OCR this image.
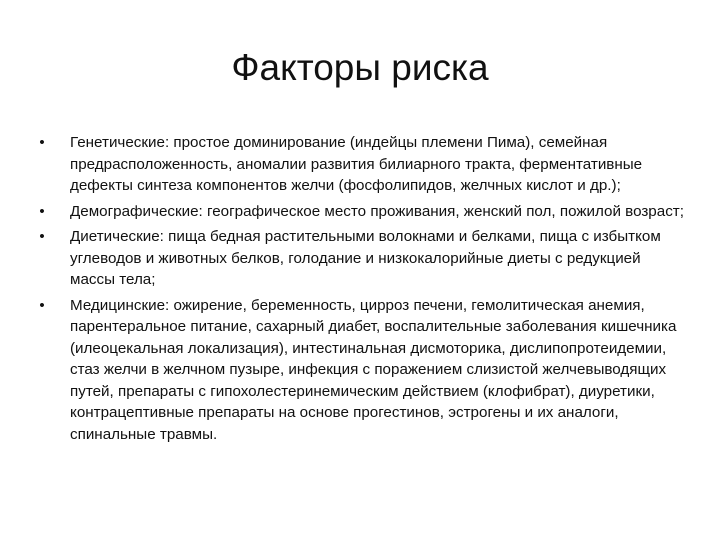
Факторы риска
• Генетические: простое доминирование (индейцы племени Пима), семейная предрасположенность, аномалии развития билиарного тракта, ферментативные дефекты синтеза компонентов желчи (фосфолипидов, желчных кислот и др.);
• Демографические: географическое место проживания, женский пол, пожилой возраст;
• Диетические: пища бедная растительными волокнами и белками, пища с избытком углеводов и животных белков, голодание и низкокалорийные диеты с редукцией массы тела;
• Медицинские: ожирение, беременность, цирроз печени, гемолитическая анемия, парентеральное питание, сахарный диабет, воспалительные заболевания кишечника (илеоцекальная локализация), интестинальная дисмоторика, дислипопротеидемии, стаз желчи в желчном пузыре, инфекция с поражением слизистой желчевыводящих путей, препараты с гипохолестеринемическим действием (клофибрат), диуретики, контрацептивные препараты на основе прогестинов, эстрогены и их аналоги, спинальные травмы.
